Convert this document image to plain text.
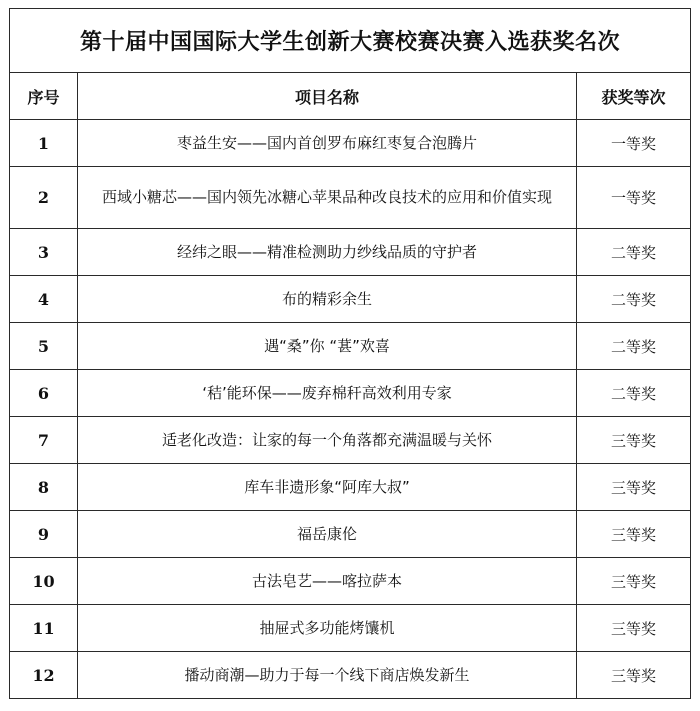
第十届中国国际大学生创新大赛校赛决赛入选获奖名次		
序号	项目名称	获奖等次
1	枣益生安——国内首创罗布麻红枣复合泡腾片	一等奖
2	西域小糖芯——国内领先冰糖心苹果品种改良技术的应用和价值实现	一等奖
3	经纬之眼——精准检测助力纱线品质的守护者	二等奖
4	布的精彩余生	二等奖
5	遇“桑”你 “葚”欢喜	二等奖
6	‘秸’能环保——废弃棉秆高效利用专家	二等奖
7	适老化改造：让家的每一个角落都充满温暖与关怀	三等奖
8	库车非遗形象“阿库大叔”	三等奖
9	福岳康伦	三等奖
10	古法皂艺——喀拉萨本	三等奖
11	抽屉式多功能烤馕机	三等奖
12	播动商潮—助力于每一个线下商店焕发新生	三等奖
